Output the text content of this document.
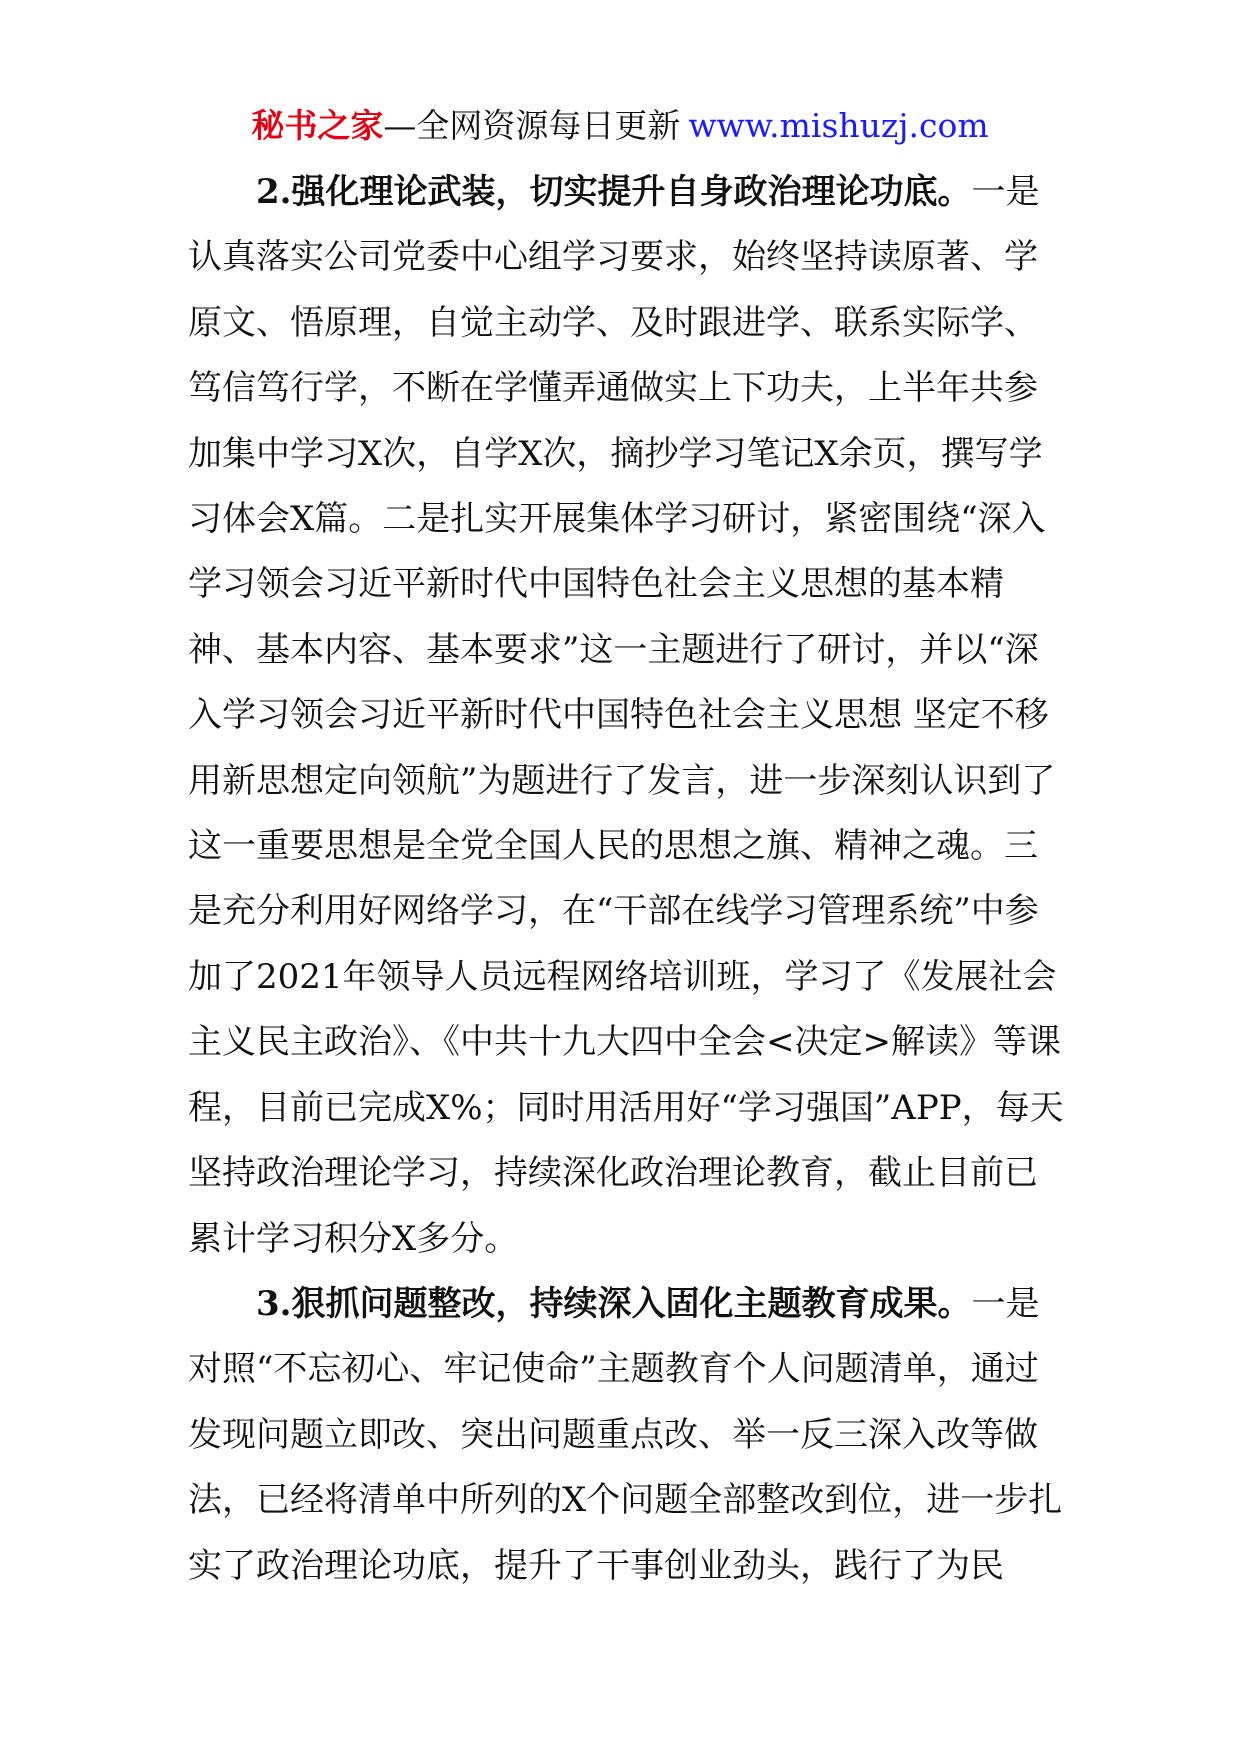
秘书之家—全网资源每日更新 www.mishuzj.com

2.强化理论武装，切实提升自身政治理论功底。一是认真落实公司党委中心组学习要求，始终坚持读原著、学原文、悟原理，自觉主动学、及时跟进学、联系实际学、笃信笃行学，不断在学懂弄通做实上下功夫，上半年共参加集中学习X次，自学X次，摘抄学习笔记X余页，撰写学习体会X篇。二是扎实开展集体学习研讨，紧密围绕“深入学习领会习近平新时代中国特色社会主义思想的基本精神、基本内容、基本要求”这一主题进行了研讨，并以“深入学习领会习近平新时代中国特色社会主义思想 坚定不移用新思想定向领航”为题进行了发言，进一步深刻认识到了这一重要思想是全党全国人民的思想之旗、精神之魂。三是充分利用好网络学习，在“干部在线学习管理系统”中参加了2021年领导人员远程网络培训班，学习了《发展社会主义民主政治》、《中共十九大四中全会<决定>解读》等课程，目前已完成X%；同时用活用好“学习强国”APP，每天坚持政治理论学习，持续深化政治理论教育，截止目前已累计学习积分X多分。

3.狠抓问题整改，持续深入固化主题教育成果。一是对照“不忘初心、牢记使命”主题教育个人问题清单，通过发现问题立即改、突出问题重点改、举一反三深入改等做法，已经将清单中所列的X个问题全部整改到位，进一步扎实了政治理论功底，提升了干事创业劲头，践行了为民
